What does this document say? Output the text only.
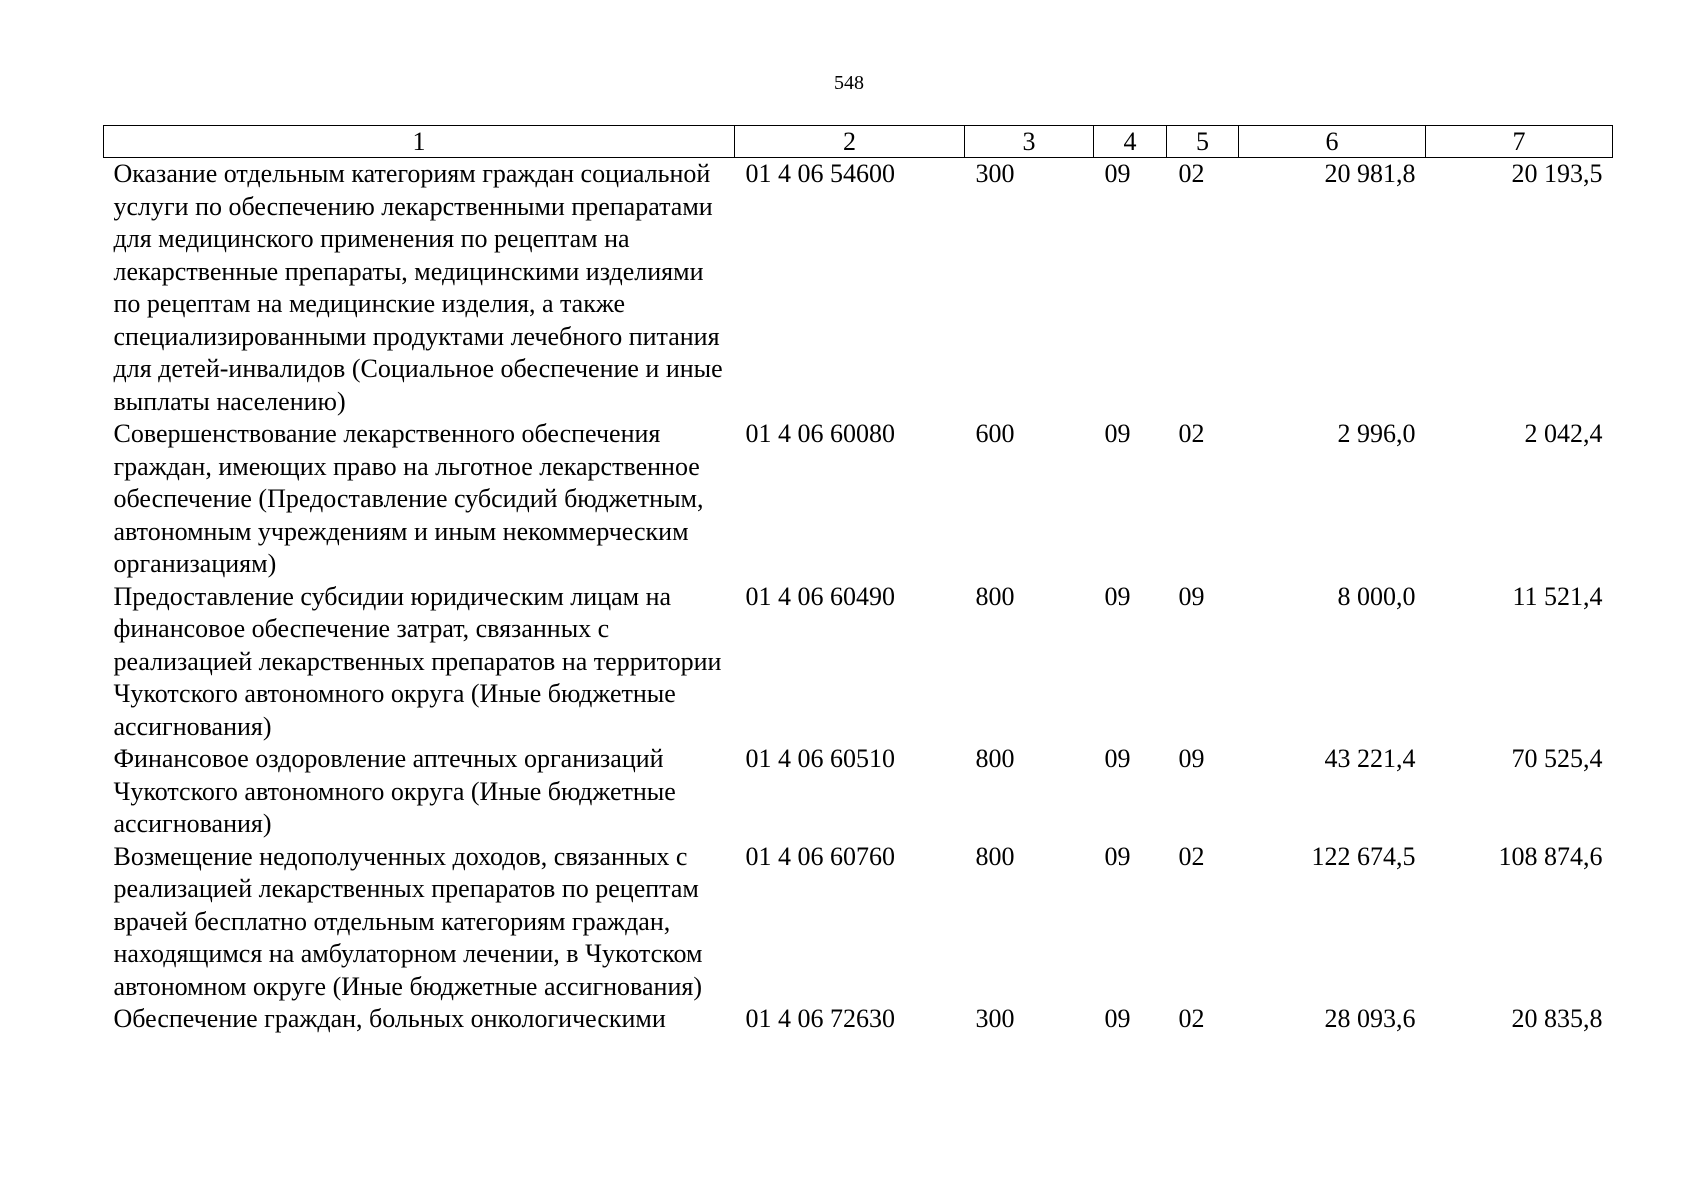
548
1	2	3	4	5	6	7
Оказание отдельным категориям граждан социальной услуги по обеспечению лекарственными препаратами для медицинского применения по рецептам на лекарственные препараты, медицинскими изделиями по рецептам на медицинские изделия, а также специализированными продуктами лечебного питания для детей-инвалидов (Социальное обеспечение и иные выплаты населению)	01 4 06 54600	300	09	02	20 981,8	20 193,5
Совершенствование лекарственного обеспечения граждан, имеющих право на льготное лекарственное обеспечение (Предоставление субсидий бюджетным, автономным учреждениям и иным некоммерческим организациям)	01 4 06 60080	600	09	02	2 996,0	2 042,4
Предоставление субсидии юридическим лицам на финансовое обеспечение затрат, связанных с реализацией лекарственных препаратов на территории Чукотского автономного округа (Иные бюджетные ассигнования)	01 4 06 60490	800	09	09	8 000,0	11 521,4
Финансовое оздоровление аптечных организаций Чукотского автономного округа (Иные бюджетные ассигнования)	01 4 06 60510	800	09	09	43 221,4	70 525,4
Возмещение недополученных доходов, связанных с реализацией лекарственных препаратов по рецептам врачей бесплатно отдельным категориям граждан, находящимся на амбулаторном лечении, в Чукотском автономном округе (Иные бюджетные ассигнования)	01 4 06 60760	800	09	02	122 674,5	108 874,6
Обеспечение граждан, больных онкологическими	01 4 06 72630	300	09	02	28 093,6	20 835,8
